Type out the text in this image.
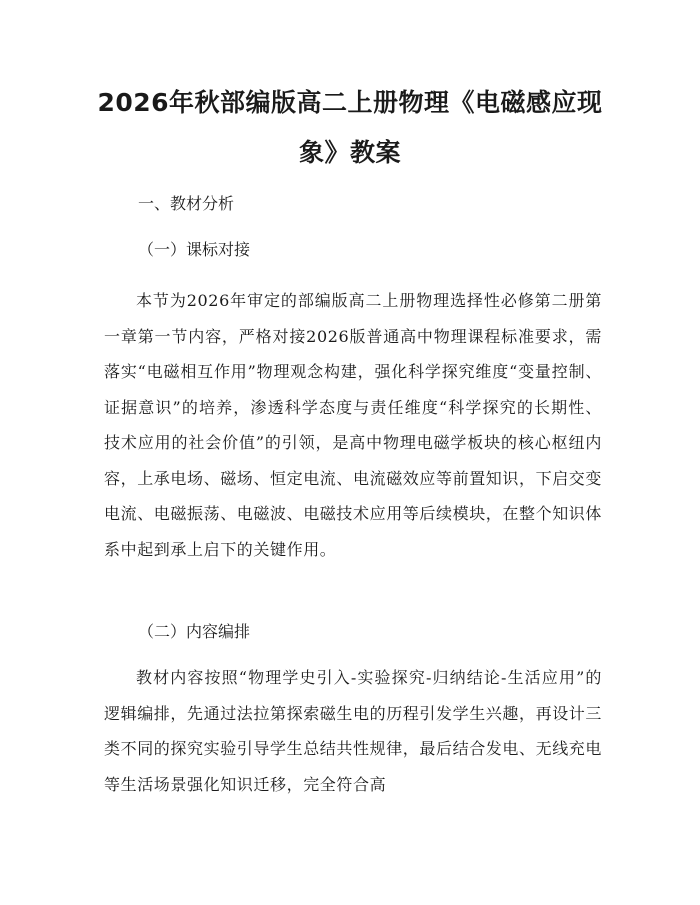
2026年秋部编版高二上册物理《电磁感应现象》教案

一、教材分析

（一）课标对接

本节为2026年审定的部编版高二上册物理选择性必修第二册第一章第一节内容，严格对接2026版普通高中物理课程标准要求，需落实“电磁相互作用”物理观念构建，强化科学探究维度“变量控制、证据意识”的培养，渗透科学态度与责任维度“科学探究的长期性、技术应用的社会价值”的引领，是高中物理电磁学板块的核心枢纽内容，上承电场、磁场、恒定电流、电流磁效应等前置知识，下启交变电流、电磁振荡、电磁波、电磁技术应用等后续模块，在整个知识体系中起到承上启下的关键作用。

（二）内容编排

教材内容按照“物理学史引入-实验探究-归纳结论-生活应用”的逻辑编排，先通过法拉第探索磁生电的历程引发学生兴趣，再设计三类不同的探究实验引导学生总结共性规律，最后结合发电、无线充电等生活场景强化知识迁移，完全符合高
